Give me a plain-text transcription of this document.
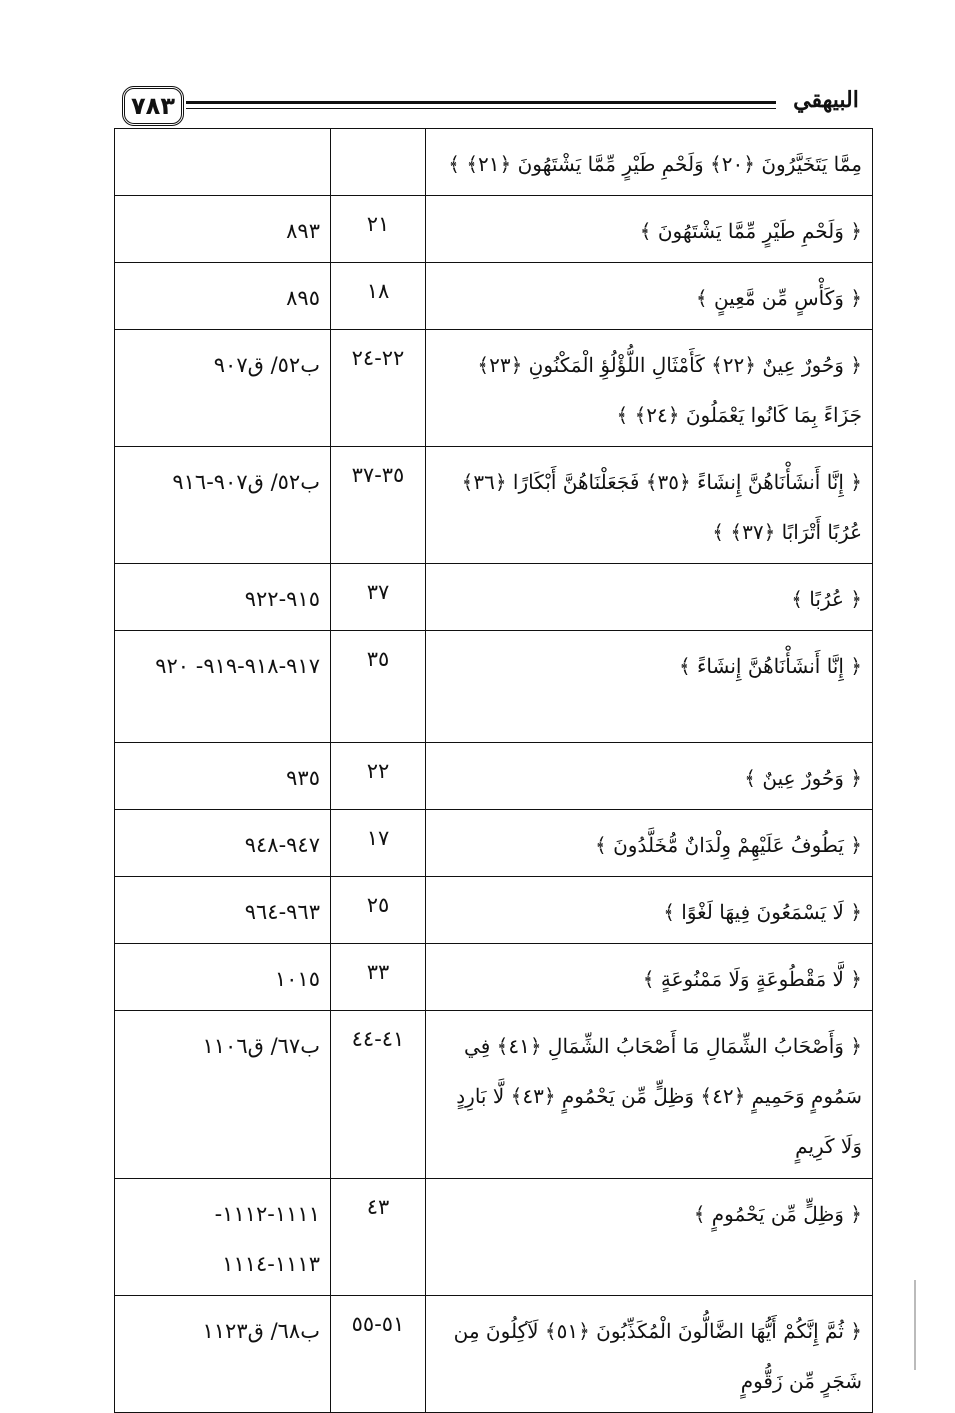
٧٨٣	البيهقي
مِمَّا يَتَخَيَّرُونَ ﴿٢٠﴾ وَلَحْمِ طَيْرٍ مِّمَّا يَشْتَهُونَ ﴿٢١﴾ ﴾		
﴿ وَلَحْمِ طَيْرٍ مِّمَّا يَشْتَهُونَ ﴾	٢١	٨٩٣
﴿ وَكَأْسٍ مِّن مَّعِينٍ ﴾	١٨	٨٩٥
﴿ وَحُورٌ عِينٌ ﴿٢٢﴾ كَأَمْثَالِ اللُّؤْلُؤِ الْمَكْنُونِ ﴿٢٣﴾ جَزَاءً بِمَا كَانُوا يَعْمَلُونَ ﴿٢٤﴾ ﴾	٢٢-٢٤	ب٥٢/ ق٩٠٧
﴿ إِنَّا أَنشَأْنَاهُنَّ إِنشَاءً ﴿٣٥﴾ فَجَعَلْنَاهُنَّ أَبْكَارًا ﴿٣٦﴾ عُرُبًا أَتْرَابًا ﴿٣٧﴾ ﴾	٣٥-٣٧	ب٥٢/ ق٩٠٧-٩١٦
﴿ عُرُبًا ﴾	٣٧	٩١٥-٩٢٢
﴿ إِنَّا أَنشَأْنَاهُنَّ إِنشَاءً ﴾	٣٥	٩١٧-٩١٨-٩١٩- ٩٢٠
﴿ وَحُورٌ عِينٌ ﴾	٢٢	٩٣٥
﴿ يَطُوفُ عَلَيْهِمْ وِلْدَانٌ مُّخَلَّدُونَ ﴾	١٧	٩٤٧-٩٤٨
﴿ لَا يَسْمَعُونَ فِيهَا لَغْوًا ﴾	٢٥	٩٦٣-٩٦٤
﴿ لَّا مَقْطُوعَةٍ وَلَا مَمْنُوعَةٍ ﴾	٣٣	١٠١٥
﴿ وَأَصْحَابُ الشِّمَالِ مَا أَصْحَابُ الشِّمَالِ ﴿٤١﴾ فِي سَمُومٍ وَحَمِيمٍ ﴿٤٢﴾ وَظِلٍّ مِّن يَحْمُومٍ ﴿٤٣﴾ لَّا بَارِدٍ وَلَا كَرِيمٍ	٤١-٤٤	ب٦٧/ ق١١٠٦
﴿ وَظِلٍّ مِّن يَحْمُومٍ ﴾	٤٣	١١١١-١١١٢- ١١١٣-١١١٤
﴿ ثُمَّ إِنَّكُمْ أَيُّهَا الضَّالُّونَ الْمُكَذِّبُونَ ﴿٥١﴾ لَآكِلُونَ مِن شَجَرٍ مِّن زَقُّومٍ	٥١-٥٥	ب٦٨/ ق١١٢٣
